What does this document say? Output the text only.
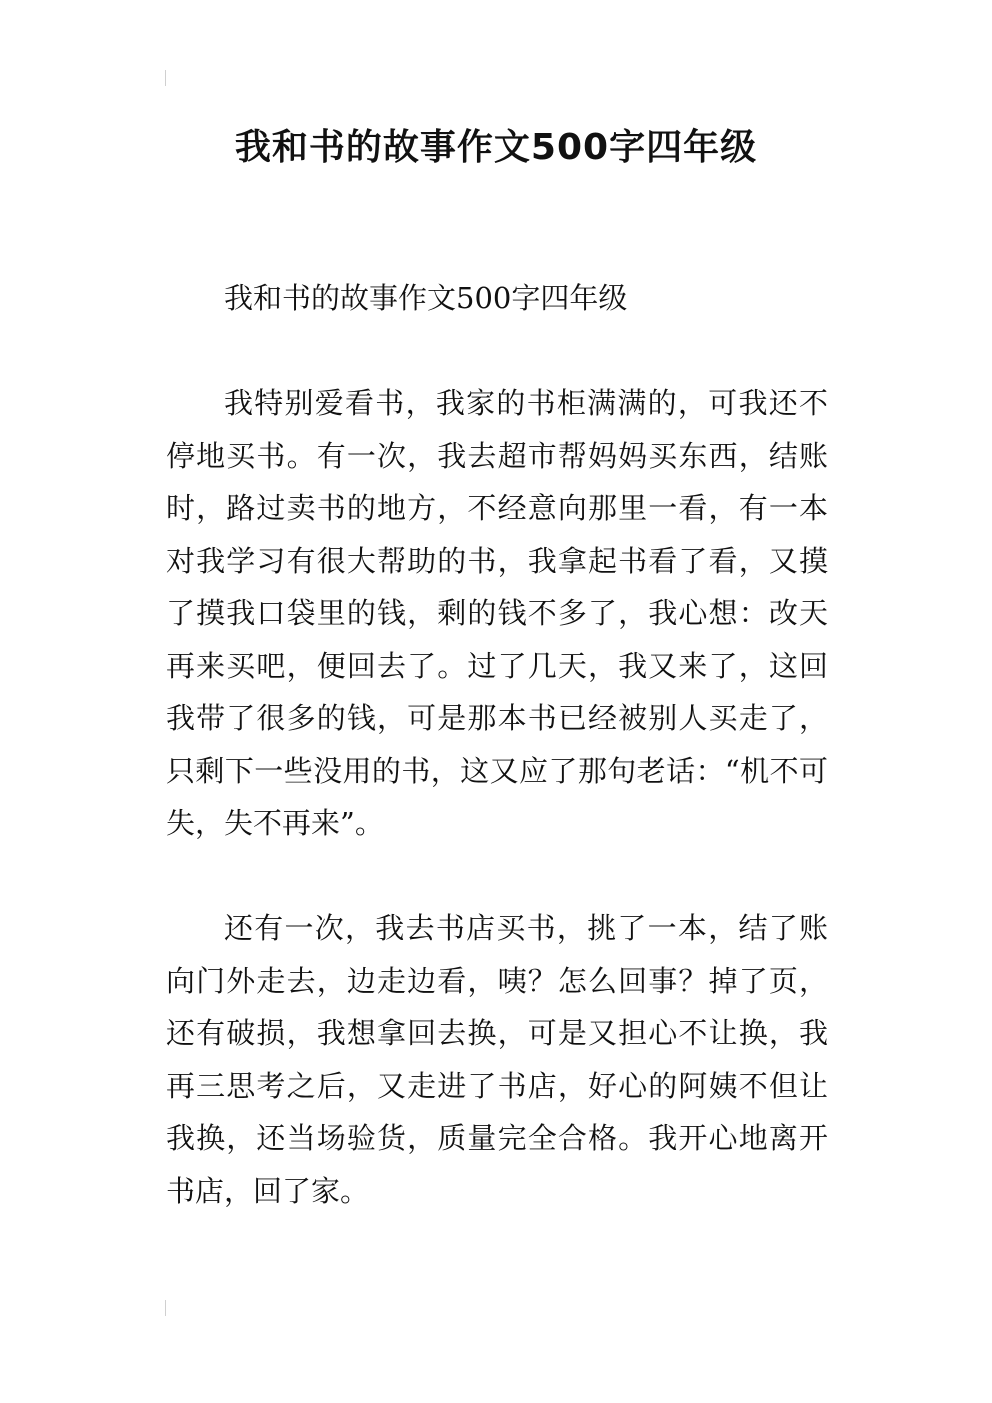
我和书的故事作文500字四年级

我和书的故事作文500字四年级

我特别爱看书，我家的书柜满满的，可我还不停地买书。有一次，我去超市帮妈妈买东西，结账时，路过卖书的地方，不经意向那里一看，有一本对我学习有很大帮助的书，我拿起书看了看，又摸了摸我口袋里的钱，剩的钱不多了，我心想：改天再来买吧，便回去了。过了几天，我又来了，这回我带了很多的钱，可是那本书已经被别人买走了，只剩下一些没用的书，这又应了那句老话：“机不可失，失不再来”。

还有一次，我去书店买书，挑了一本，结了账向门外走去，边走边看，咦？怎么回事？掉了页，还有破损，我想拿回去换，可是又担心不让换，我再三思考之后，又走进了书店，好心的阿姨不但让我换，还当场验货，质量完全合格。我开心地离开书店，回了家。
